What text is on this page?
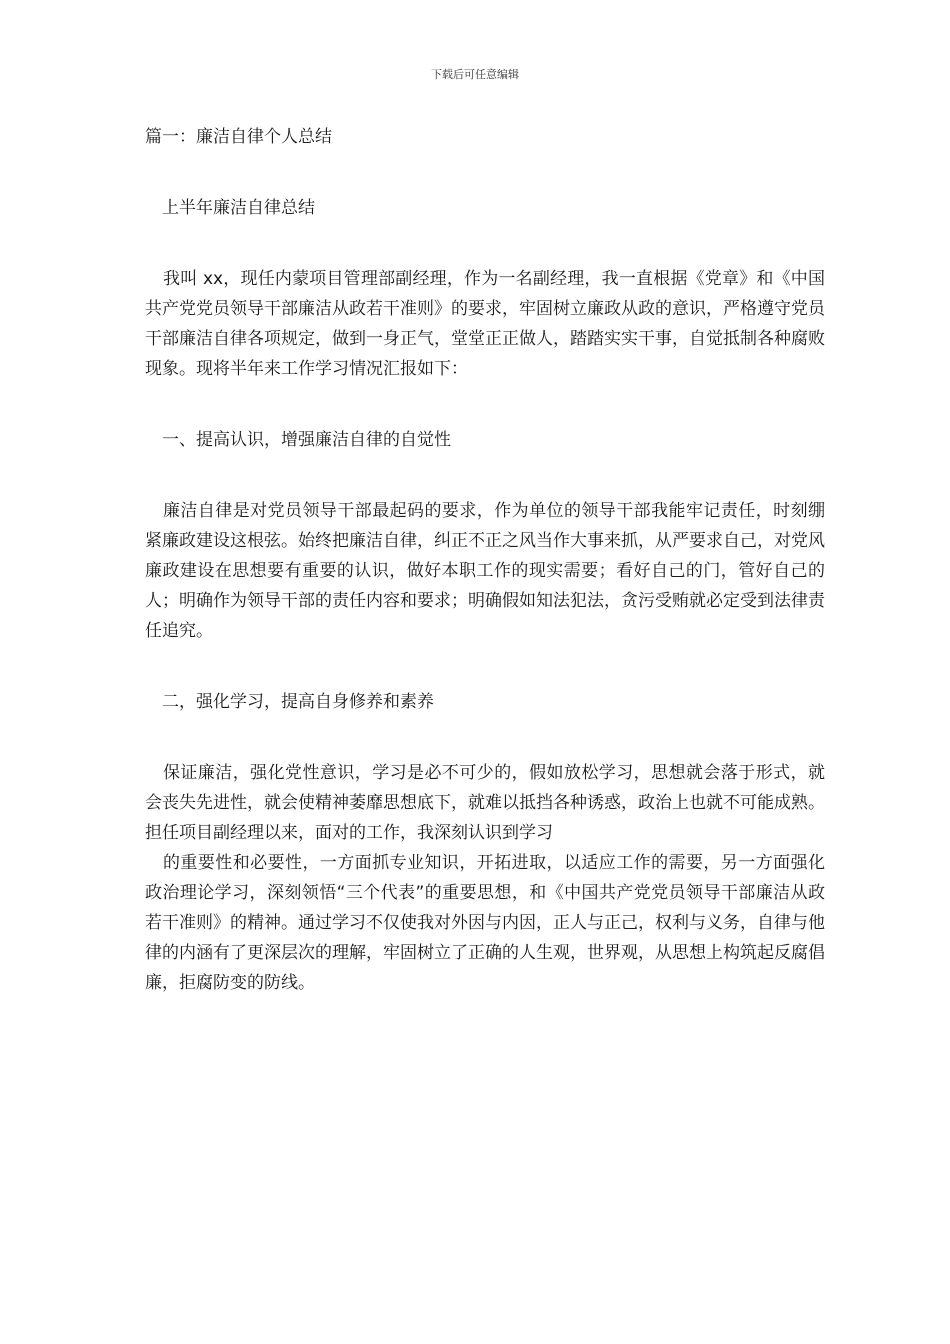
下载后可任意编辑
篇一：廉洁自律个人总结
上半年廉洁自律总结
我叫 xx，现任内蒙项目管理部副经理，作为一名副经理，我一直根据《党章》和《中国共产党党员领导干部廉洁从政若干准则》的要求，牢固树立廉政从政的意识，严格遵守党员干部廉洁自律各项规定，做到一身正气，堂堂正正做人，踏踏实实干事，自觉抵制各种腐败现象。现将半年来工作学习情况汇报如下：
一、提高认识，增强廉洁自律的自觉性
廉洁自律是对党员领导干部最起码的要求，作为单位的领导干部我能牢记责任，时刻绷紧廉政建设这根弦。始终把廉洁自律，纠正不正之风当作大事来抓，从严要求自己，对党风廉政建设在思想要有重要的认识，做好本职工作的现实需要；看好自己的门，管好自己的人；明确作为领导干部的责任内容和要求；明确假如知法犯法，贪污受贿就必定受到法律责任追究。
二，强化学习，提高自身修养和素养
保证廉洁，强化党性意识，学习是必不可少的，假如放松学习，思想就会落于形式，就会丧失先进性，就会使精神萎靡思想底下，就难以抵挡各种诱惑，政治上也就不可能成熟。担任项目副经理以来，面对的工作，我深刻认识到学习
的重要性和必要性，一方面抓专业知识，开拓进取，以适应工作的需要，另一方面强化政治理论学习，深刻领悟“三个代表”的重要思想，和《中国共产党党员领导干部廉洁从政若干准则》的精神。通过学习不仅使我对外因与内因，正人与正己，权利与义务，自律与他律的内涵有了更深层次的理解，牢固树立了正确的人生观，世界观，从思想上构筑起反腐倡廉，拒腐防变的防线。
